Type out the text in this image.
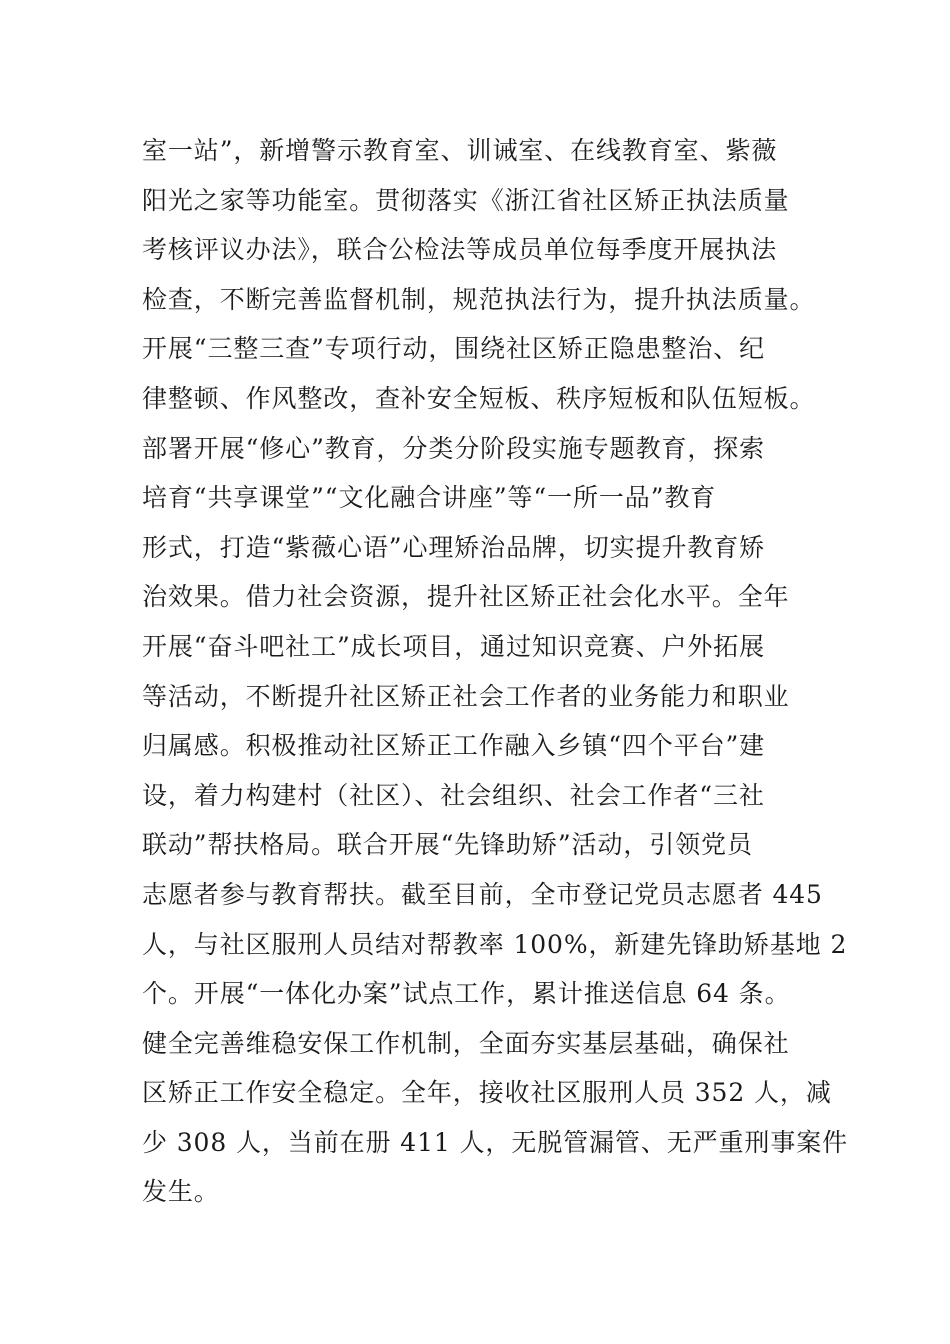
室一站”，新增警示教育室、训诫室、在线教育室、紫薇
阳光之家等功能室。贯彻落实《浙江省社区矫正执法质量
考核评议办法》，联合公检法等成员单位每季度开展执法
检查，不断完善监督机制，规范执法行为，提升执法质量。
开展“三整三查”专项行动，围绕社区矫正隐患整治、纪
律整顿、作风整改，查补安全短板、秩序短板和队伍短板。
部署开展“修心”教育，分类分阶段实施专题教育，探索
培育“共享课堂”“文化融合讲座”等“一所一品”教育
形式，打造“紫薇心语”心理矫治品牌，切实提升教育矫
治效果。借力社会资源，提升社区矫正社会化水平。全年
开展“奋斗吧社工”成长项目，通过知识竞赛、户外拓展
等活动，不断提升社区矫正社会工作者的业务能力和职业
归属感。积极推动社区矫正工作融入乡镇“四个平台”建
设，着力构建村（社区）、社会组织、社会工作者“三社
联动”帮扶格局。联合开展“先锋助矫”活动，引领党员
志愿者参与教育帮扶。截至目前，全市登记党员志愿者 445
人，与社区服刑人员结对帮教率 100%，新建先锋助矫基地 2
个。开展“一体化办案”试点工作，累计推送信息 64 条。
健全完善维稳安保工作机制，全面夯实基层基础，确保社
区矫正工作安全稳定。全年，接收社区服刑人员 352 人，减
少 308 人，当前在册 411 人，无脱管漏管、无严重刑事案件
发生。
